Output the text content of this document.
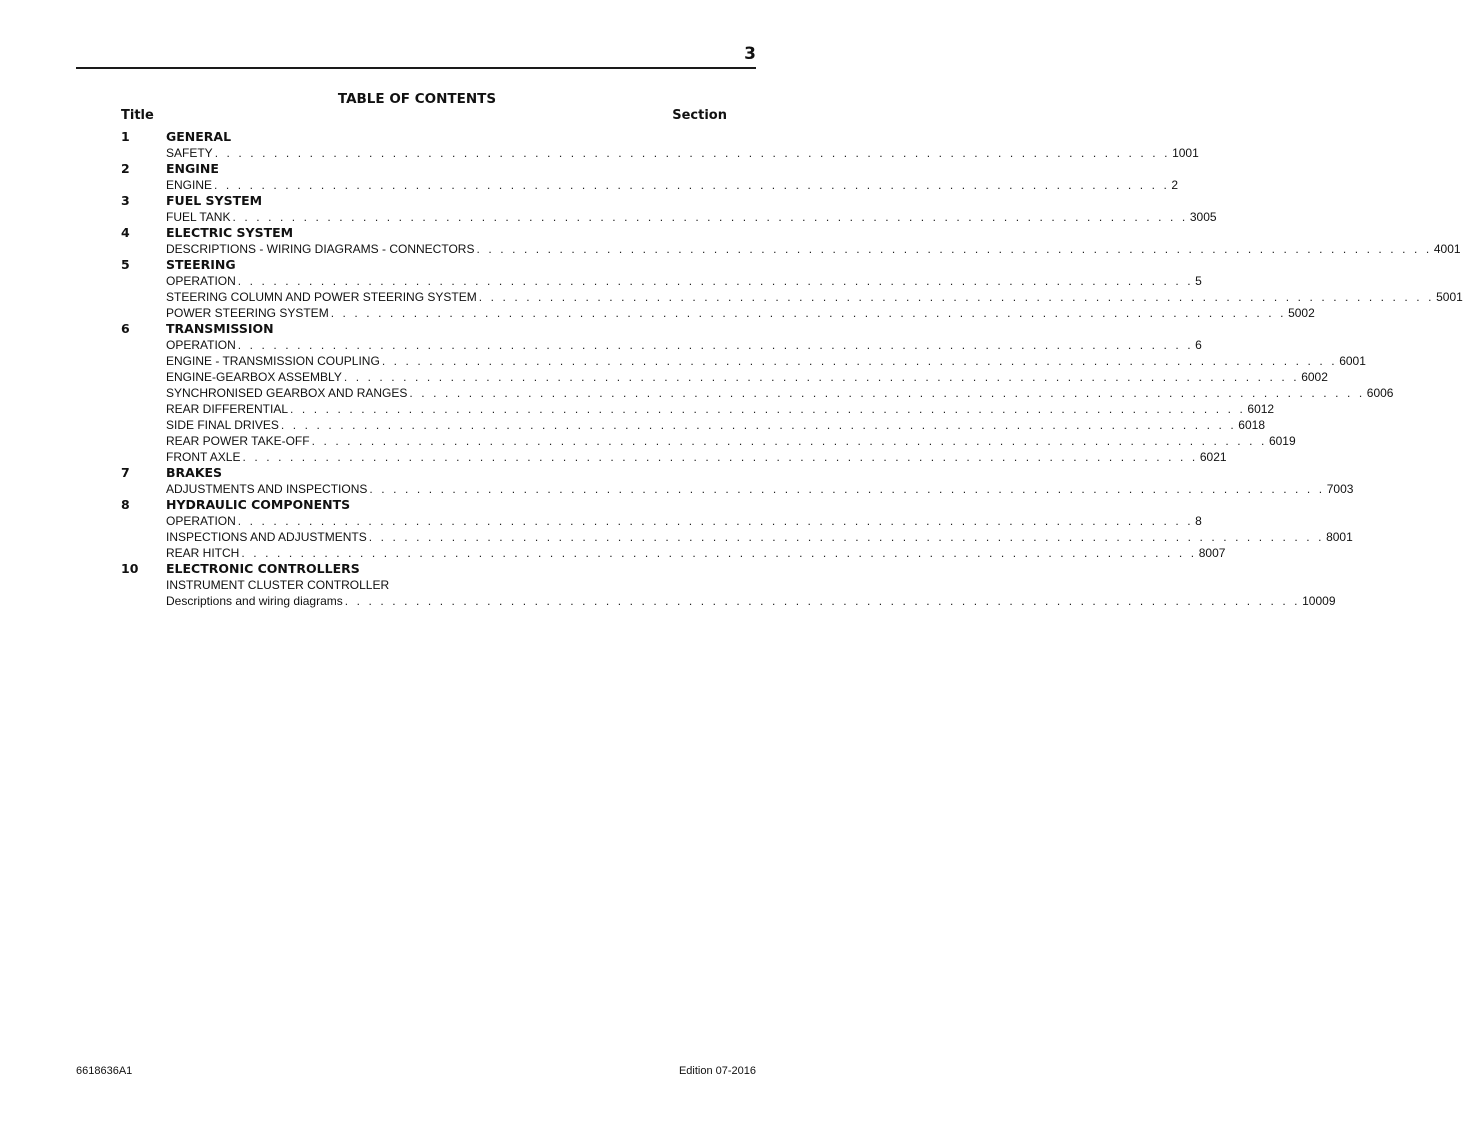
3
TABLE OF CONTENTS
Title	Section
1	GENERAL
SAFETY . . . . . . . . . . . . . . . . . . . . . . . . . . . . . . . . . . . . . . . . . . . . . . . . . . . . . . . . . . . . . . . . . . . . . . . . . . . . . . . . . 1001
2	ENGINE
ENGINE . . . . . . . . . . . . . . . . . . . . . . . . . . . . . . . . . . . . . . . . . . . . . . . . . . . . . . . . . . . . . . . . . . . . . . . . . . . . . . . . . 2
3	FUEL SYSTEM
FUEL TANK . . . . . . . . . . . . . . . . . . . . . . . . . . . . . . . . . . . . . . . . . . . . . . . . . . . . . . . . . . . . . . . . . . . . . . . . . . . . . . . . . 3005
4	ELECTRIC SYSTEM
DESCRIPTIONS - WIRING DIAGRAMS - CONNECTORS . . . . . . . . . . . . . . . . . . . . . . . . . . . . . . . . . . . . . . . . . . . . . . . . . . . . . . . . . . . . . . . . . . . . . . . . . . . . . . . . . 4001
5	STEERING
OPERATION . . . . . . . . . . . . . . . . . . . . . . . . . . . . . . . . . . . . . . . . . . . . . . . . . . . . . . . . . . . . . . . . . . . . . . . . . . . . . . . . . 5
STEERING COLUMN AND POWER STEERING SYSTEM . . . . . . . . . . . . . . . . . . . . . . . . . . . . . . . . . . . . . . . . . . . . . . . . . . . . . . . . . . . . . . . . . . . . . . . . . . . . . . . . . 5001
POWER STEERING SYSTEM . . . . . . . . . . . . . . . . . . . . . . . . . . . . . . . . . . . . . . . . . . . . . . . . . . . . . . . . . . . . . . . . . . . . . . . . . . . . . . . . . 5002
6	TRANSMISSION
OPERATION . . . . . . . . . . . . . . . . . . . . . . . . . . . . . . . . . . . . . . . . . . . . . . . . . . . . . . . . . . . . . . . . . . . . . . . . . . . . . . . . . 6
ENGINE - TRANSMISSION COUPLING . . . . . . . . . . . . . . . . . . . . . . . . . . . . . . . . . . . . . . . . . . . . . . . . . . . . . . . . . . . . . . . . . . . . . . . . . . . . . . . . . 6001
ENGINE-GEARBOX ASSEMBLY . . . . . . . . . . . . . . . . . . . . . . . . . . . . . . . . . . . . . . . . . . . . . . . . . . . . . . . . . . . . . . . . . . . . . . . . . . . . . . . . . 6002
SYNCHRONISED GEARBOX AND RANGES . . . . . . . . . . . . . . . . . . . . . . . . . . . . . . . . . . . . . . . . . . . . . . . . . . . . . . . . . . . . . . . . . . . . . . . . . . . . . . . . . 6006
REAR DIFFERENTIAL . . . . . . . . . . . . . . . . . . . . . . . . . . . . . . . . . . . . . . . . . . . . . . . . . . . . . . . . . . . . . . . . . . . . . . . . . . . . . . . . . 6012
SIDE FINAL DRIVES . . . . . . . . . . . . . . . . . . . . . . . . . . . . . . . . . . . . . . . . . . . . . . . . . . . . . . . . . . . . . . . . . . . . . . . . . . . . . . . . . 6018
REAR POWER TAKE-OFF . . . . . . . . . . . . . . . . . . . . . . . . . . . . . . . . . . . . . . . . . . . . . . . . . . . . . . . . . . . . . . . . . . . . . . . . . . . . . . . . . 6019
FRONT AXLE . . . . . . . . . . . . . . . . . . . . . . . . . . . . . . . . . . . . . . . . . . . . . . . . . . . . . . . . . . . . . . . . . . . . . . . . . . . . . . . . . 6021
7	BRAKES
ADJUSTMENTS AND INSPECTIONS . . . . . . . . . . . . . . . . . . . . . . . . . . . . . . . . . . . . . . . . . . . . . . . . . . . . . . . . . . . . . . . . . . . . . . . . . . . . . . . . . 7003
8	HYDRAULIC COMPONENTS
OPERATION . . . . . . . . . . . . . . . . . . . . . . . . . . . . . . . . . . . . . . . . . . . . . . . . . . . . . . . . . . . . . . . . . . . . . . . . . . . . . . . . . 8
INSPECTIONS AND ADJUSTMENTS . . . . . . . . . . . . . . . . . . . . . . . . . . . . . . . . . . . . . . . . . . . . . . . . . . . . . . . . . . . . . . . . . . . . . . . . . . . . . . . . . 8001
REAR HITCH . . . . . . . . . . . . . . . . . . . . . . . . . . . . . . . . . . . . . . . . . . . . . . . . . . . . . . . . . . . . . . . . . . . . . . . . . . . . . . . . . 8007
10 ELECTRONIC CONTROLLERS
INSTRUMENT CLUSTER CONTROLLER
Descriptions and wiring diagrams . . . . . . . . . . . . . . . . . . . . . . . . . . . . . . . . . . . . . . . . . . . . . . . . . . . . . . . . . . . . . . . . . . . . . . . . . . . . . . . . . 10009
6618636A1	Edition 07-2016
